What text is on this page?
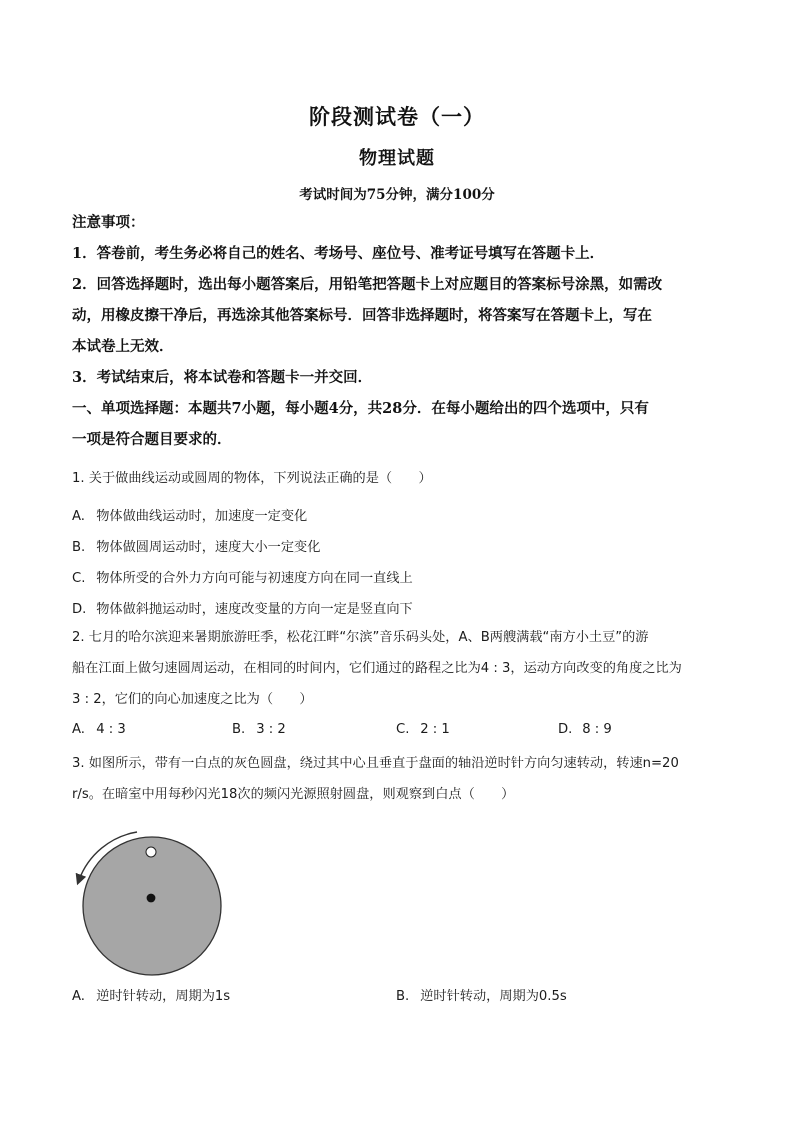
阶段测试卷（一）
物理试题
考试时间为75分钟，满分100分
注意事项：
1．答卷前，考生务必将自己的姓名、考场号、座位号、准考证号填写在答题卡上．
2．回答选择题时，选出每小题答案后，用铅笔把答题卡上对应题目的答案标号涂黑，如需改
动，用橡皮擦干净后，再选涂其他答案标号．回答非选择题时，将答案写在答题卡上，写在
本试卷上无效．
3．考试结束后，将本试卷和答题卡一并交回．
一、单项选择题：本题共7小题，每小题4分，共28分．在每小题给出的四个选项中，只有
一项是符合题目要求的．
1. 关于做曲线运动或圆周的物体，下列说法正确的是（　　）
A. 物体做曲线运动时，加速度一定变化
B. 物体做圆周运动时，速度大小一定变化
C. 物体所受的合外力方向可能与初速度方向在同一直线上
D. 物体做斜抛运动时，速度改变量的方向一定是竖直向下
2. 七月的哈尔滨迎来暑期旅游旺季，松花江畔“尔滨”音乐码头处，A、B两艘满载“南方小土豆”的游
船在江面上做匀速圆周运动，在相同的时间内，它们通过的路程之比为4 : 3，运动方向改变的角度之比为
3 : 2，它们的向心加速度之比为（　　）
A. 4 : 3	B. 3 : 2	C. 2 : 1	D. 8 : 9
3. 如图所示，带有一白点的灰色圆盘，绕过其中心且垂直于盘面的轴沿逆时针方向匀速转动，转速n=20
r/s。在暗室中用每秒闪光18次的频闪光源照射圆盘，则观察到白点（　　）
A. 逆时针转动，周期为1s	B. 逆时针转动，周期为0.5s
